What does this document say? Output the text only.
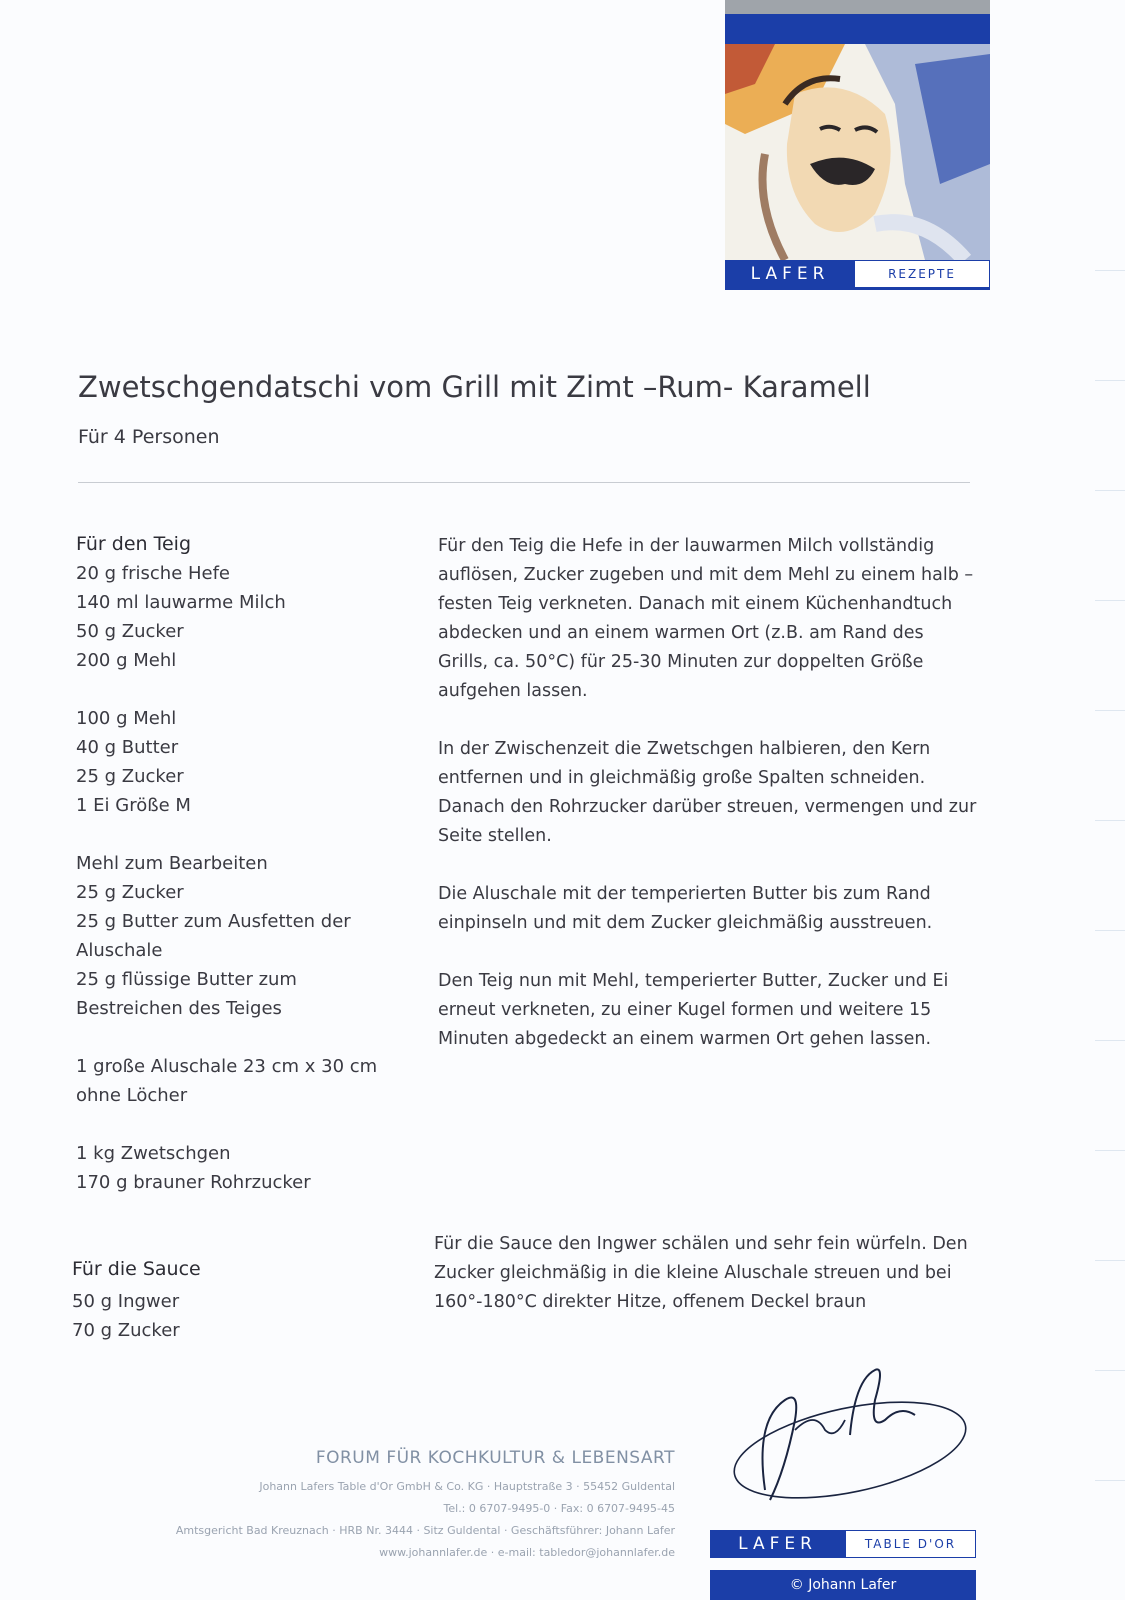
LAFER	REZEPTE
Zwetschgendatschi vom Grill mit Zimt –Rum- Karamell
Für 4 Personen
Für den Teig
20 g frische Hefe
140 ml lauwarme Milch
50 g Zucker
200 g Mehl
100 g Mehl
40 g Butter
25 g Zucker
1 Ei Größe M
Mehl zum Bearbeiten
25 g Zucker
25 g Butter zum Ausfetten der Aluschale
25 g flüssige Butter zum Bestreichen des Teiges
1 große Aluschale 23 cm x 30 cm ohne Löcher
1 kg Zwetschgen
170 g brauner Rohrzucker

Für den Teig die Hefe in der lauwarmen Milch vollständig auflösen, Zucker zugeben und mit dem Mehl zu einem halb – festen Teig verkneten. Danach mit einem Küchenhandtuch abdecken und an einem warmen Ort (z.B. am Rand des Grills, ca. 50°C) für 25-30 Minuten zur doppelten Größe aufgehen lassen.

In der Zwischenzeit die Zwetschgen halbieren, den Kern entfernen und in gleichmäßig große Spalten schneiden. Danach den Rohrzucker darüber streuen, vermengen und zur Seite stellen.

Die Aluschale mit der temperierten Butter bis zum Rand einpinseln und mit dem Zucker gleichmäßig ausstreuen.

Den Teig nun mit Mehl, temperierter Butter, Zucker und Ei erneut verkneten, zu einer Kugel formen und weitere 15 Minuten abgedeckt an einem warmen Ort gehen lassen.

Für die Sauce den Ingwer schälen und sehr fein würfeln. Den Zucker gleichmäßig in die kleine Aluschale streuen und bei 160°-180°C direkter Hitze, offenem Deckel braun
Für die Sauce
50 g Ingwer
70 g Zucker
FORUM FÜR KOCHKULTUR & LEBENSART
Johann Lafers Table d'Or GmbH & Co. KG · Hauptstraße 3 · 55452 Guldental
Tel.: 0 6707-9495-0 · Fax: 0 6707-9495-45
Amtsgericht Bad Kreuznach · HRB Nr. 3444 · Sitz Guldental · Geschäftsführer: Johann Lafer
www.johannlafer.de · e-mail: tabledor@johannlafer.de	LAFER	TABLE D'OR
© Johann Lafer
